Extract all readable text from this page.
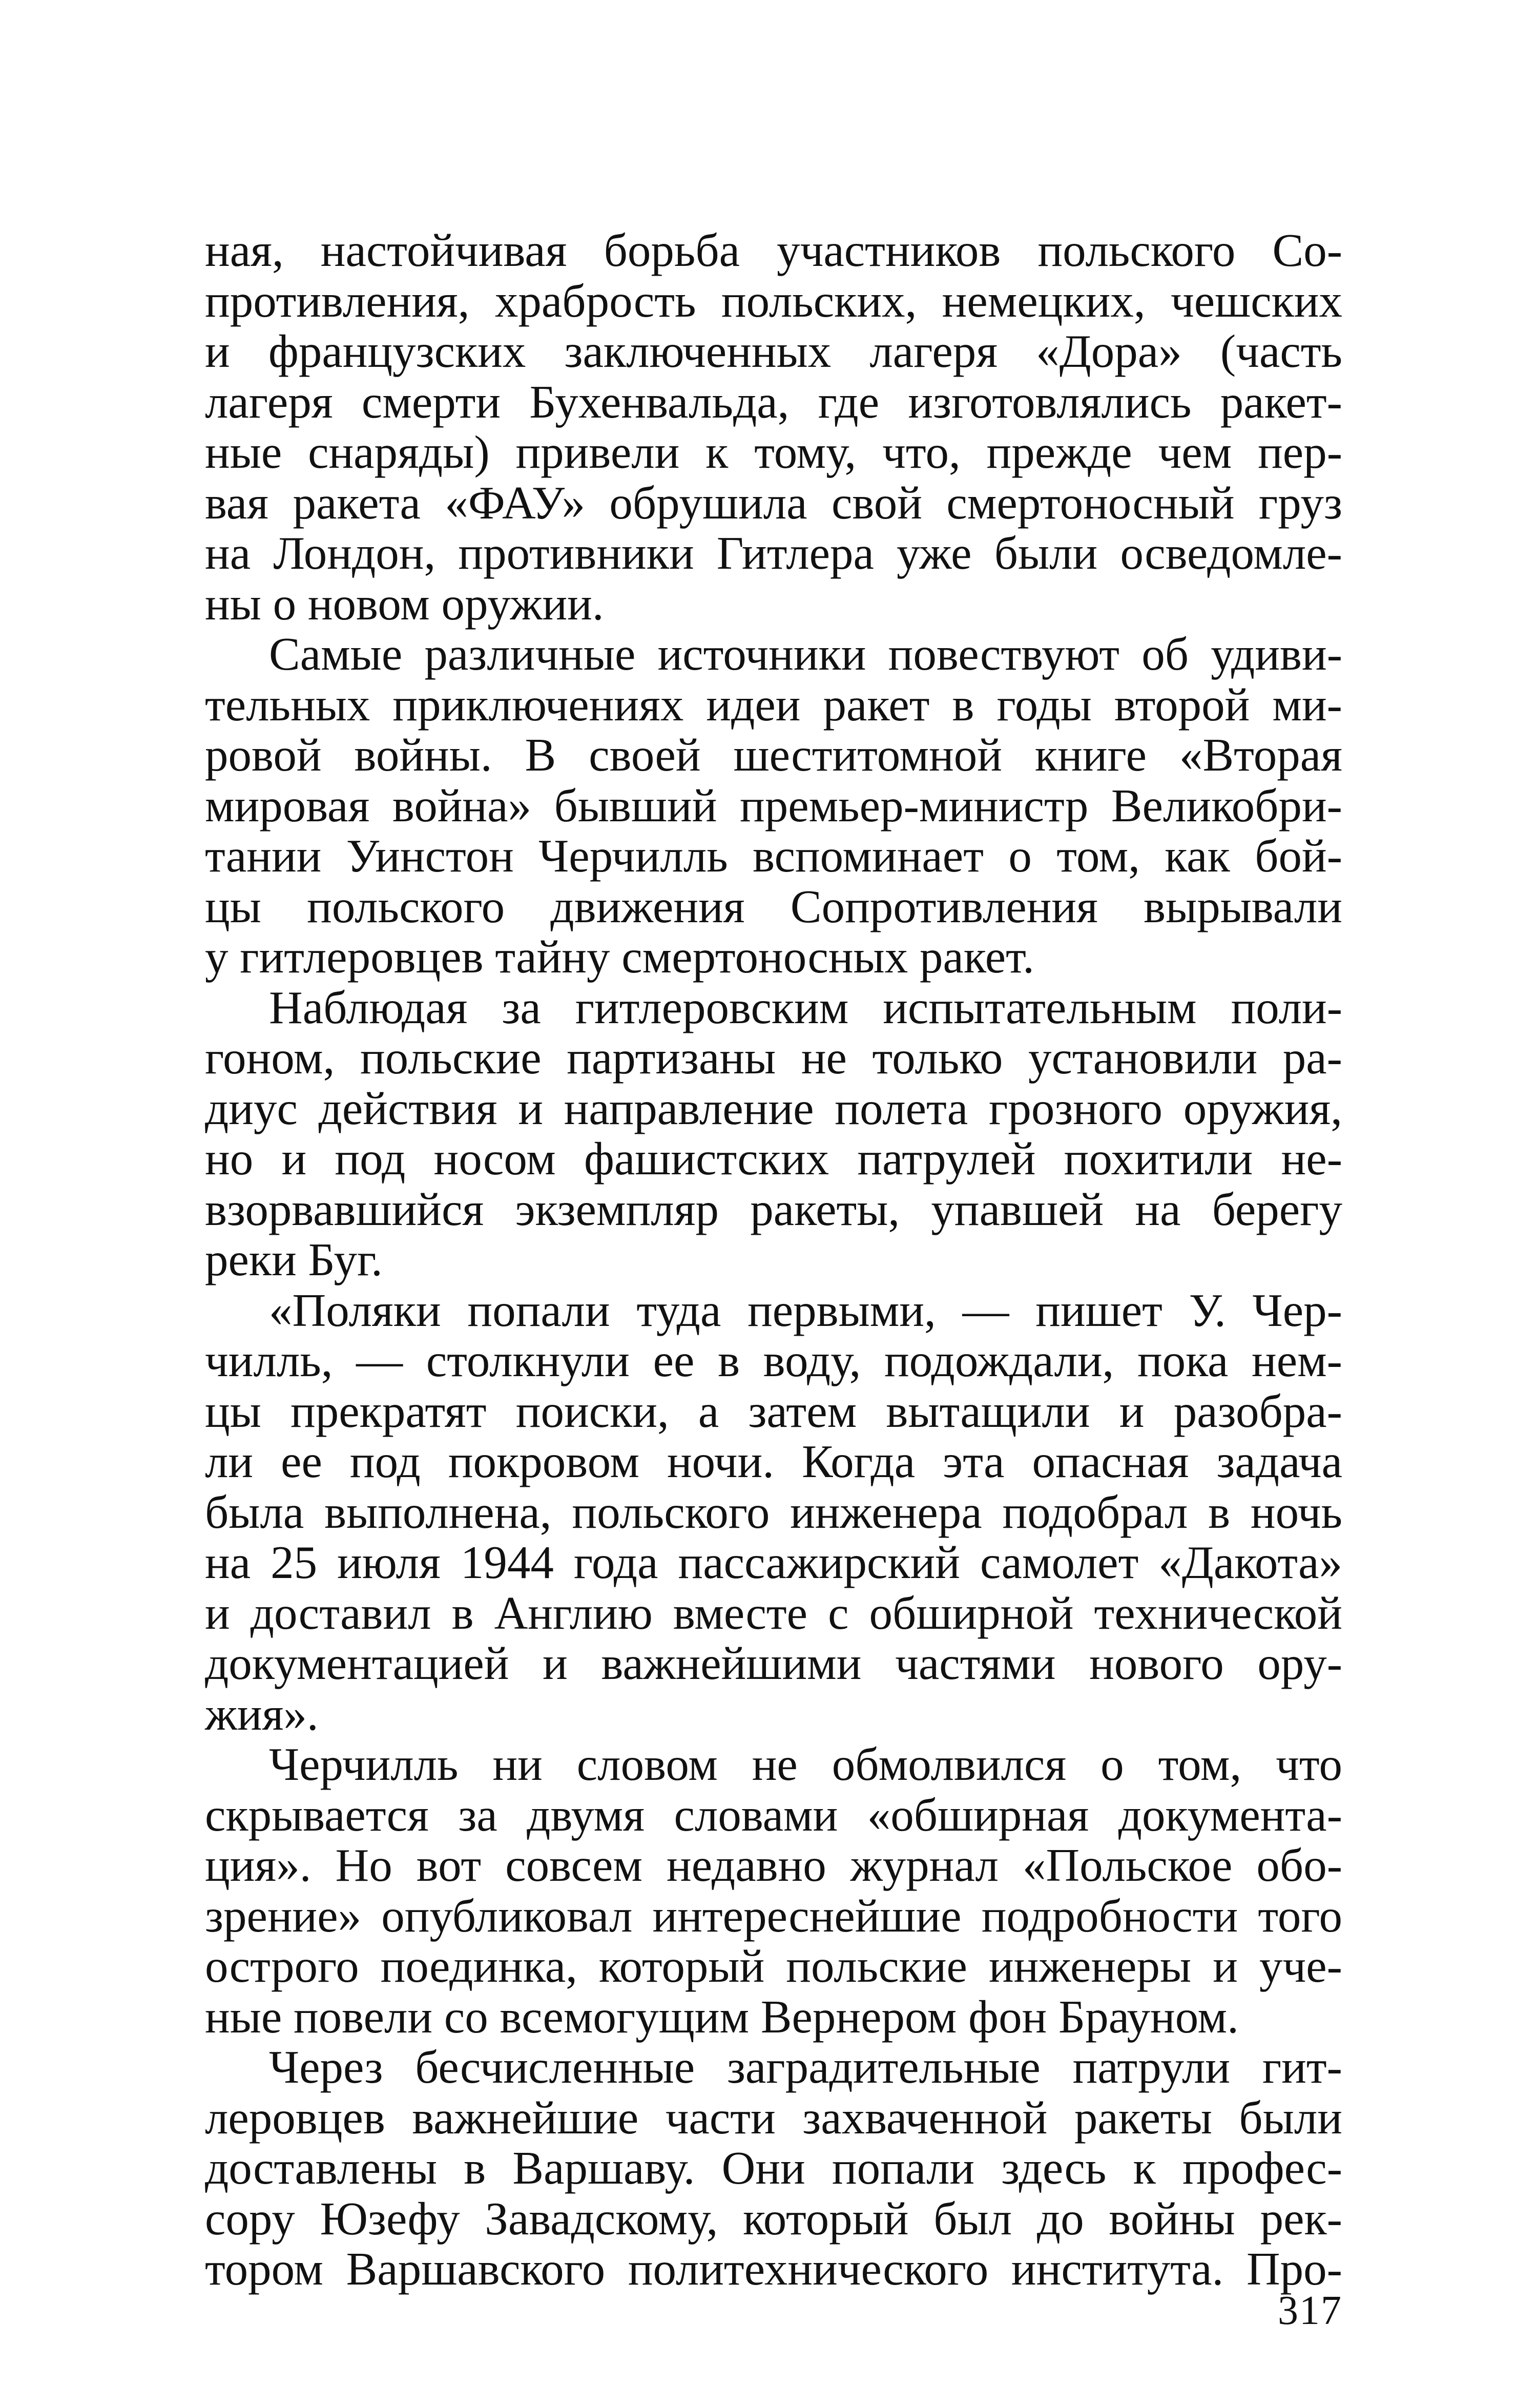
ная, настойчивая борьба участников польского Со-
противления, храбрость польских, немецких, чешских
и французских заключенных лагеря «Дора» (часть
лагеря смерти Бухенвальда, где изготовлялись ракет-
ные снаряды) привели к тому, что, прежде чем пер-
вая ракета «ФАУ» обрушила свой смертоносный груз
на Лондон, противники Гитлера уже были осведомле-
ны о новом оружии.

Самые различные источники повествуют об удиви-
тельных приключениях идеи ракет в годы второй ми-
ровой войны. В своей шеститомной книге «Вторая
мировая война» бывший премьер-министр Великобри-
тании Уинстон Черчилль вспоминает о том, как бой-
цы польского движения Сопротивления вырывали
у гитлеровцев тайну смертоносных ракет.

Наблюдая за гитлеровским испытательным поли-
гоном, польские партизаны не только установили ра-
диус действия и направление полета грозного оружия,
но и под носом фашистских патрулей похитили не-
взорвавшийся экземпляр ракеты, упавшей на берегу
реки Буг.

«Поляки попали туда первыми, — пишет У. Чер-
чилль, — столкнули ее в воду, подождали, пока нем-
цы прекратят поиски, а затем вытащили и разобра-
ли ее под покровом ночи. Когда эта опасная задача
была выполнена, польского инженера подобрал в ночь
на 25 июля 1944 года пассажирский самолет «Дакота»
и доставил в Англию вместе с обширной технической
документацией и важнейшими частями нового ору-
жия».

Черчилль ни словом не обмолвился о том, что
скрывается за двумя словами «обширная документа-
ция». Но вот совсем недавно журнал «Польское обо-
зрение» опубликовал интереснейшие подробности того
острого поединка, который польские инженеры и уче-
ные повели со всемогущим Вернером фон Брауном.

Через бесчисленные заградительные патрули гит-
леровцев важнейшие части захваченной ракеты были
доставлены в Варшаву. Они попали здесь к профес-
сору Юзефу Завадскому, который был до войны рек-
тором Варшавского политехнического института. Про-

317
